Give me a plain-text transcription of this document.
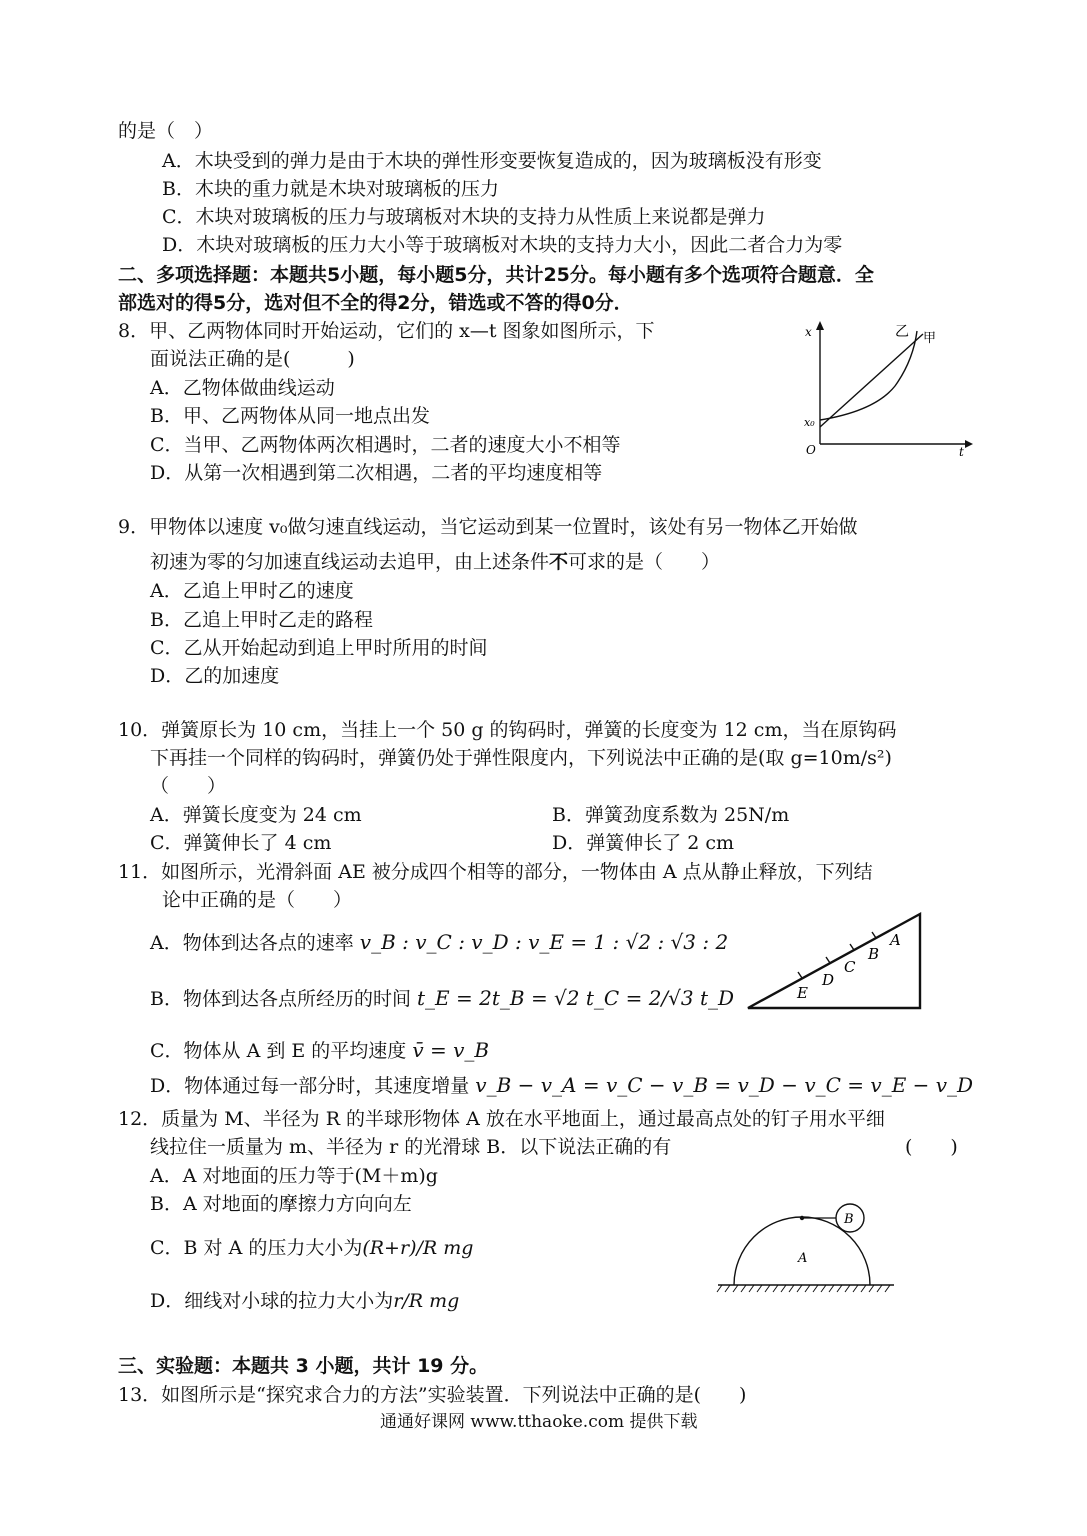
的是（　）
A．木块受到的弹力是由于木块的弹性形变要恢复造成的，因为玻璃板没有形变
B．木块的重力就是木块对玻璃板的压力
C．木块对玻璃板的压力与玻璃板对木块的支持力从性质上来说都是弹力
D．木块对玻璃板的压力大小等于玻璃板对木块的支持力大小，因此二者合力为零
二、多项选择题：本题共5小题，每小题5分，共计25分。每小题有多个选项符合题意．全
部选对的得5分，选对但不全的得2分，错选或不答的得0分．
8．甲、乙两物体同时开始运动，它们的 x—t 图象如图所示，下
面说法正确的是(　　　)
A．乙物体做曲线运动
B．甲、乙两物体从同一地点出发
C．当甲、乙两物体两次相遇时，二者的速度大小不相等
D．从第一次相遇到第二次相遇，二者的平均速度相等
x
t
O
x₀
乙 甲
9．甲物体以速度 v₀做匀速直线运动，当它运动到某一位置时，该处有另一物体乙开始做
初速为零的匀加速直线运动去追甲，由上述条件不可求的是（　　）
A．乙追上甲时乙的速度
B．乙追上甲时乙走的路程
C．乙从开始起动到追上甲时所用的时间
D．乙的加速度
10．弹簧原长为 10 cm，当挂上一个 50 g 的钩码时，弹簧的长度变为 12 cm，当在原钩码
下再挂一个同样的钩码时，弹簧仍处于弹性限度内，下列说法中正确的是(取 g=10m/s²)
（　　）
A．弹簧长度变为 24 cm	B．弹簧劲度系数为 25N/m
C．弹簧伸长了 4 cm	D．弹簧伸长了 2 cm
11．如图所示，光滑斜面 AE 被分成四个相等的部分，一物体由 A 点从静止释放，下列结
论中正确的是（　　）
A．物体到达各点的速率 v_B : v_C : v_D : v_E = 1 : √2 : √3 : 2
B．物体到达各点所经历的时间 t_E = 2t_B = √2 t_C = 2/√3 t_D
C．物体从 A 到 E 的平均速度 v̄ = v_B
D．物体通过每一部分时，其速度增量 v_B − v_A = v_C − v_B = v_D − v_C = v_E − v_D
E
D
C
B
A
12．质量为 M、半径为 R 的半球形物体 A 放在水平地面上，通过最高点处的钉子用水平细
线拉住一质量为 m、半径为 r 的光滑球 B．以下说法正确的有	(　　)
A．A 对地面的压力等于(M＋m)g
B．A 对地面的摩擦力方向向左
C．B 对 A 的压力大小为(R+r)/R mg
D．细线对小球的拉力大小为r/R mg
B
A
三、实验题：本题共 3 小题，共计 19 分。
13．如图所示是“探究求合力的方法”实验装置．下列说法中正确的是(　　)
通通好课网 www.tthaoke.com 提供下载
